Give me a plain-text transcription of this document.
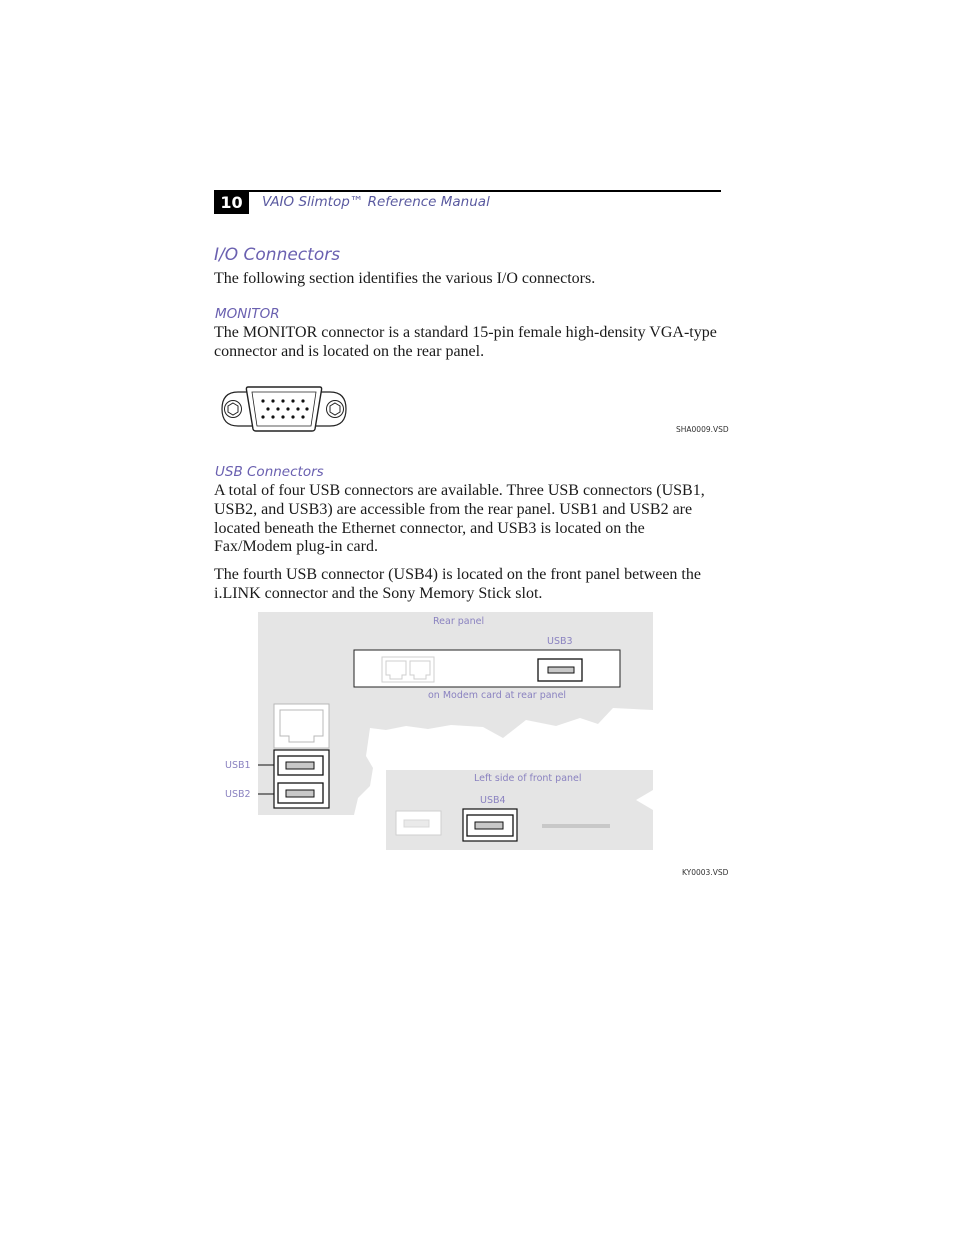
10	VAIO Slimtop™ Reference Manual
I/O Connectors
The following section identifies the various I/O connectors.
MONITOR
The MONITOR connector is a standard 15-pin female high-density VGA-type connector and is located on the rear panel.
SHA0009.VSD
USB Connectors
A total of four USB connectors are available. Three USB connectors (USB1, USB2, and USB3) are accessible from the rear panel. USB1 and USB2 are located beneath the Ethernet connector, and USB3 is located on the Fax/Modem plug-in card.
The fourth USB connector (USB4) is located on the front panel between the i.LINK connector and the Sony Memory Stick slot.
Rear panel
USB3
on Modem card at rear panel
USB1
USB2
Left side of front panel
USB4
KY0003.VSD
